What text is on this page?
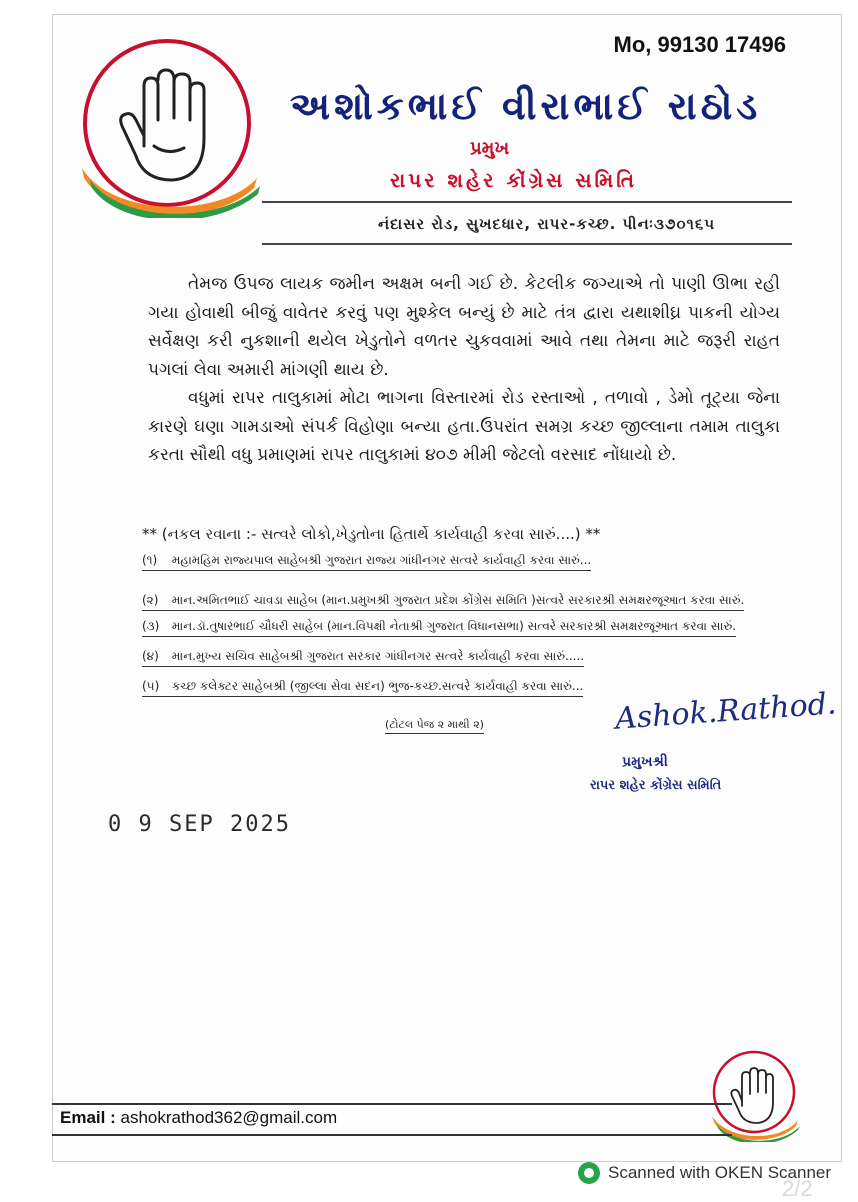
Mo, 99130 17496
અશોકભાઈ વીરાભાઈ રાઠોડ
પ્રમુખ
રાપર શહેર કોંગ્રેસ સમિતિ
નંદાસર રોડ, સુખદધાર, રાપર-કચ્છ. પીનઃ૩૭૦૧૬૫

તેમજ ઉપજ લાયક જમીન અક્ષમ બની ગઈ છે. કેટલીક જગ્યાએ તો પાણી ઊભા રહી ગયા હોવાથી બીજું વાવેતર કરવું પણ મુશ્કેલ બન્યું છે માટે તંત્ર દ્વારા યથાશીઘ્ર પાકની યોગ્ય સર્વેક્ષણ કરી નુકશાની થયેલ ખેડુતોને વળતર ચુકવવામાં આવે તથા તેમના માટે જરૂરી રાહત પગલાં લેવા અમારી માંગણી થાય છે.

વધુમાં રાપર તાલુકામાં મોટા ભાગના વિસ્તારમાં રોડ રસ્તાઓ , તળાવો , ડેમો તૂટ્યા જેના કારણે ઘણા ગામડાઓ સંપર્ક વિહોણા બન્યા હતા.ઉપરાંત સમગ્ર કચ્છ જીલ્લાના તમામ તાલુકા કરતા સૌથી વધુ પ્રમાણમાં રાપર તાલુકામાં ૪૦૭ મીમી જેટલો વરસાદ નોંધાયો છે.

** (નકલ રવાના :- સત્વરે લોકો,ખેડુતોના હિતાર્થે કાર્યવાહી કરવા સારું....) **
(૧) મહામહિમ રાજ્યપાલ સાહેબશ્રી ગુજરાત રાજ્ય ગાંધીનગર સત્વરે કાર્યવાહી કરવા સારું...
(૨) માન.અમિતભાઈ ચાવડા સાહેબ (માન.પ્રમુખશ્રી ગુજરાત પ્રદેશ કોંગ્રેસ સમિતિ )સત્વરે સરકારશ્રી સમક્ષરજૂઆત કરવા સારું.
(૩) માન.ડૉ.તુષારભાઈ ચૌધરી સાહેબ (માન.વિપક્ષી નેતાશ્રી ગુજરાત વિધાનસભા) સત્વરે સરકારશ્રી સમક્ષરજૂઆત કરવા સારું.
(૪) માન.મુખ્ય સચિવ સાહેબશ્રી ગુજરાત સરકાર ગાંધીનગર સત્વરે કાર્યવાહી કરવા સારું.....
(૫) કચ્છ કલેક્ટર સાહેબશ્રી (જીલ્લા સેવા સદન) ભુજ-કચ્છ.સત્વરે કાર્યવાહી કરવા સારું...
(ટોટલ પેજ ૨ માથી ૨)	Ashok.Rathod.
પ્રમુખશ્રી
રાપર શહેર કોંગ્રેસ સમિતિ
0 9 SEP 2025
Email : ashokrathod362@gmail.com
Scanned with OKEN Scanner
2/2
